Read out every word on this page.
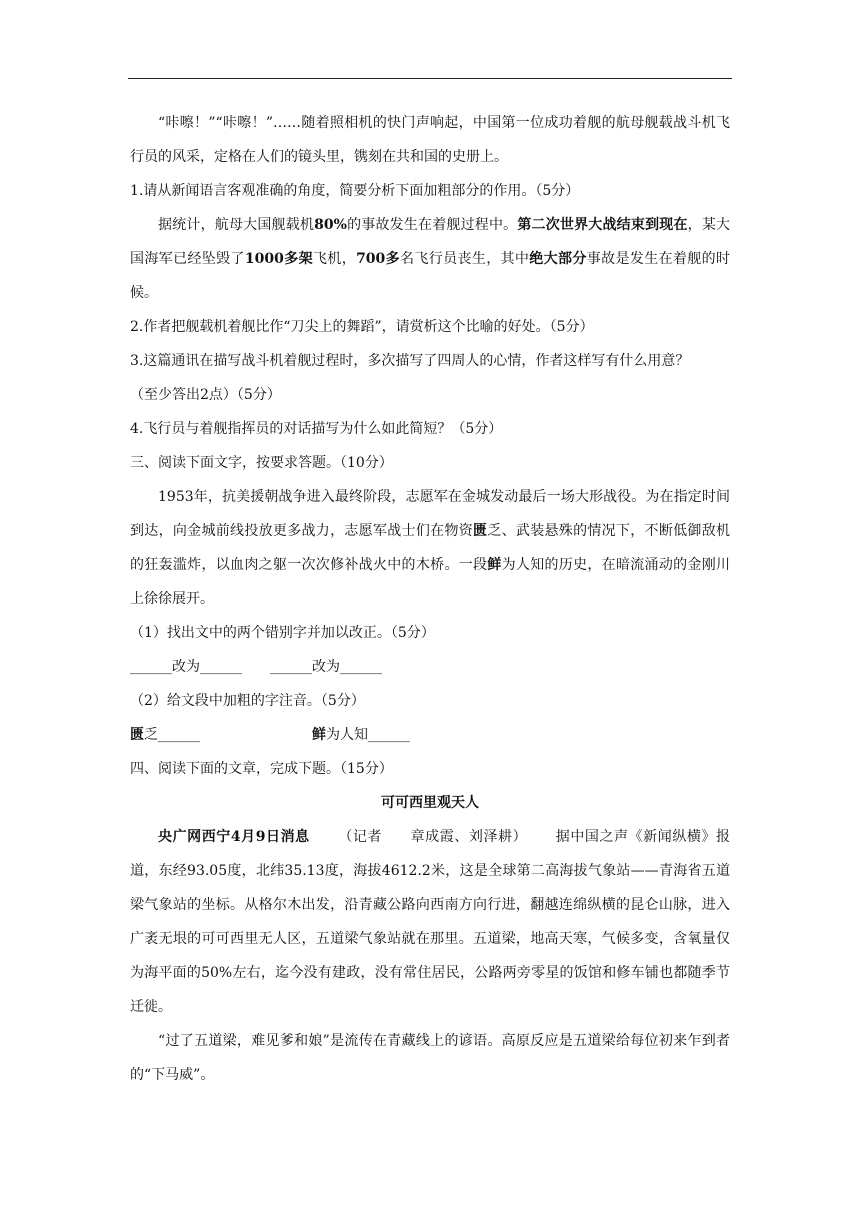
“咔嚓！”“咔嚓！”……随着照相机的快门声响起，中国第一位成功着舰的航母舰载战斗机飞行员的风采，定格在人们的镜头里，镌刻在共和国的史册上。

1.请从新闻语言客观准确的角度，简要分析下面加粗部分的作用。（5分）

据统计，航母大国舰载机80%的事故发生在着舰过程中。第二次世界大战结束到现在，某大国海军已经坠毁了1000多架飞机，700多名飞行员丧生，其中绝大部分事故是发生在着舰的时候。

2.作者把舰载机着舰比作“刀尖上的舞蹈”，请赏析这个比喻的好处。（5分）

3.这篇通讯在描写战斗机着舰过程时，多次描写了四周人的心情，作者这样写有什么用意？
（至少答出2点）（5分）

4.飞行员与着舰指挥员的对话描写为什么如此简短？（5分）

三、阅读下面文字，按要求答题。（10分）

1953年，抗美援朝战争进入最终阶段，志愿军在金城发动最后一场大形战役。为在指定时间到达，向金城前线投放更多战力，志愿军战士们在物资匮乏、武装悬殊的情况下，不断低御敌机的狂轰滥炸，以血肉之躯一次次修补战火中的木桥。一段鲜为人知的历史，在暗流涌动的金刚川上徐徐展开。

（1）找出文中的两个错别字并加以改正。（5分）

______改为______ ______改为______

（2）给文段中加粗的字注音。（5分）

匮乏______	鲜为人知______

四、阅读下面的文章，完成下题。（15分）

可可西里观天人

央广网西宁4月9日消息 （记者 章成霞、刘泽耕） 据中国之声《新闻纵横》报道，东经93.05度，北纬35.13度，海拔4612.2米，这是全球第二高海拔气象站——青海省五道梁气象站的坐标。从格尔木出发，沿青藏公路向西南方向行进，翻越连绵纵横的昆仑山脉，进入广袤无垠的可可西里无人区，五道梁气象站就在那里。五道梁，地高天寒，气候多变，含氧量仅为海平面的50%左右，迄今没有建政，没有常住居民，公路两旁零星的饭馆和修车铺也都随季节迁徙。

“过了五道梁，难见爹和娘”是流传在青藏线上的谚语。高原反应是五道梁给每位初来乍到者的“下马威”。
